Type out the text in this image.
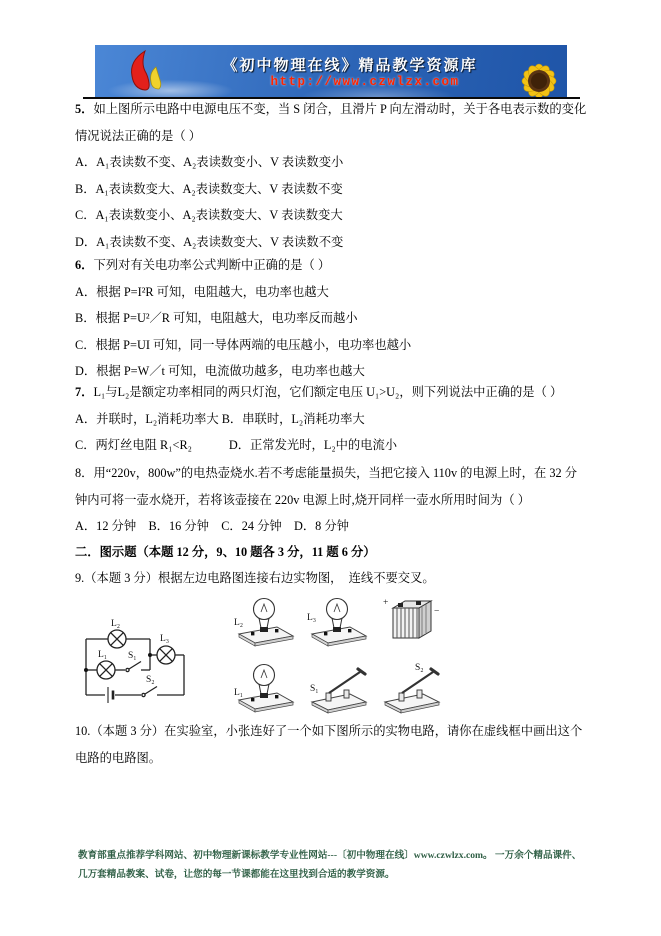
《初中物理在线》精品教学资源库
http://www.czwlzx.com
5．如上图所示电路中电源电压不变，当 S 闭合，且滑片 P 向左滑动时，关于各电表示数的变化情况说法正确的是（ ）
A．A₁表读数不变、A₂表读数变小、V 表读数变小
B．A₁表读数变大、A₂表读数变大、V 表读数不变
C．A₁表读数变小、A₂表读数变大、V 表读数变大
D．A₁表读数不变、A₂表读数变大、V 表读数不变
6．下列对有关电功率公式判断中正确的是（ ）
A．根据 P=I²R 可知，电阻越大，电功率也越大
B．根据 P=U²／R 可知，电阻越大，电功率反而越小
C．根据 P=UI 可知，同一导体两端的电压越小，电功率也越小
D．根据 P=W／t 可知，电流做功越多，电功率也越大
7．L₁与L₂是额定功率相同的两只灯泡，它们额定电压 U₁>U₂，则下列说法中正确的是（ ）
A．并联时，L₂消耗功率大 B．串联时，L₂消耗功率大
C．两灯丝电阻 R₁<R₂　　　D．正常发光时，L₂中的电流小
8．用“220v，800w”的电热壶烧水.若不考虑能量损失，当把它接入 110v 的电源上时，在 32 分钟内可将一壶水烧开，若将该壶接在 220v 电源上时,烧开同样一壶水所用时间为（ ）
A．12 分钟　B．16 分钟　C．24 分钟　D．8 分钟
二．图示题（本题 12 分，9、10 题各 3 分，11 题 6 分）
9.（本题 3 分）根据左边电路图连接右边实物图，　连线不要交叉。
L₂
L₁ S₁
L₃
S₂
L₂	L₃
+
−
L₁	S₁
S₂
10.（本题 3 分）在实验室，小张连好了一个如下图所示的实物电路，请你在虚线框中画出这个电路的电路图。
教育部重点推荐学科网站、初中物理新课标教学专业性网站---〔初中物理在线〕www.czwlzx.com。 一万余个精品课件、几万套精品教案、试卷，让您的每一节课都能在这里找到合适的教学资源。
